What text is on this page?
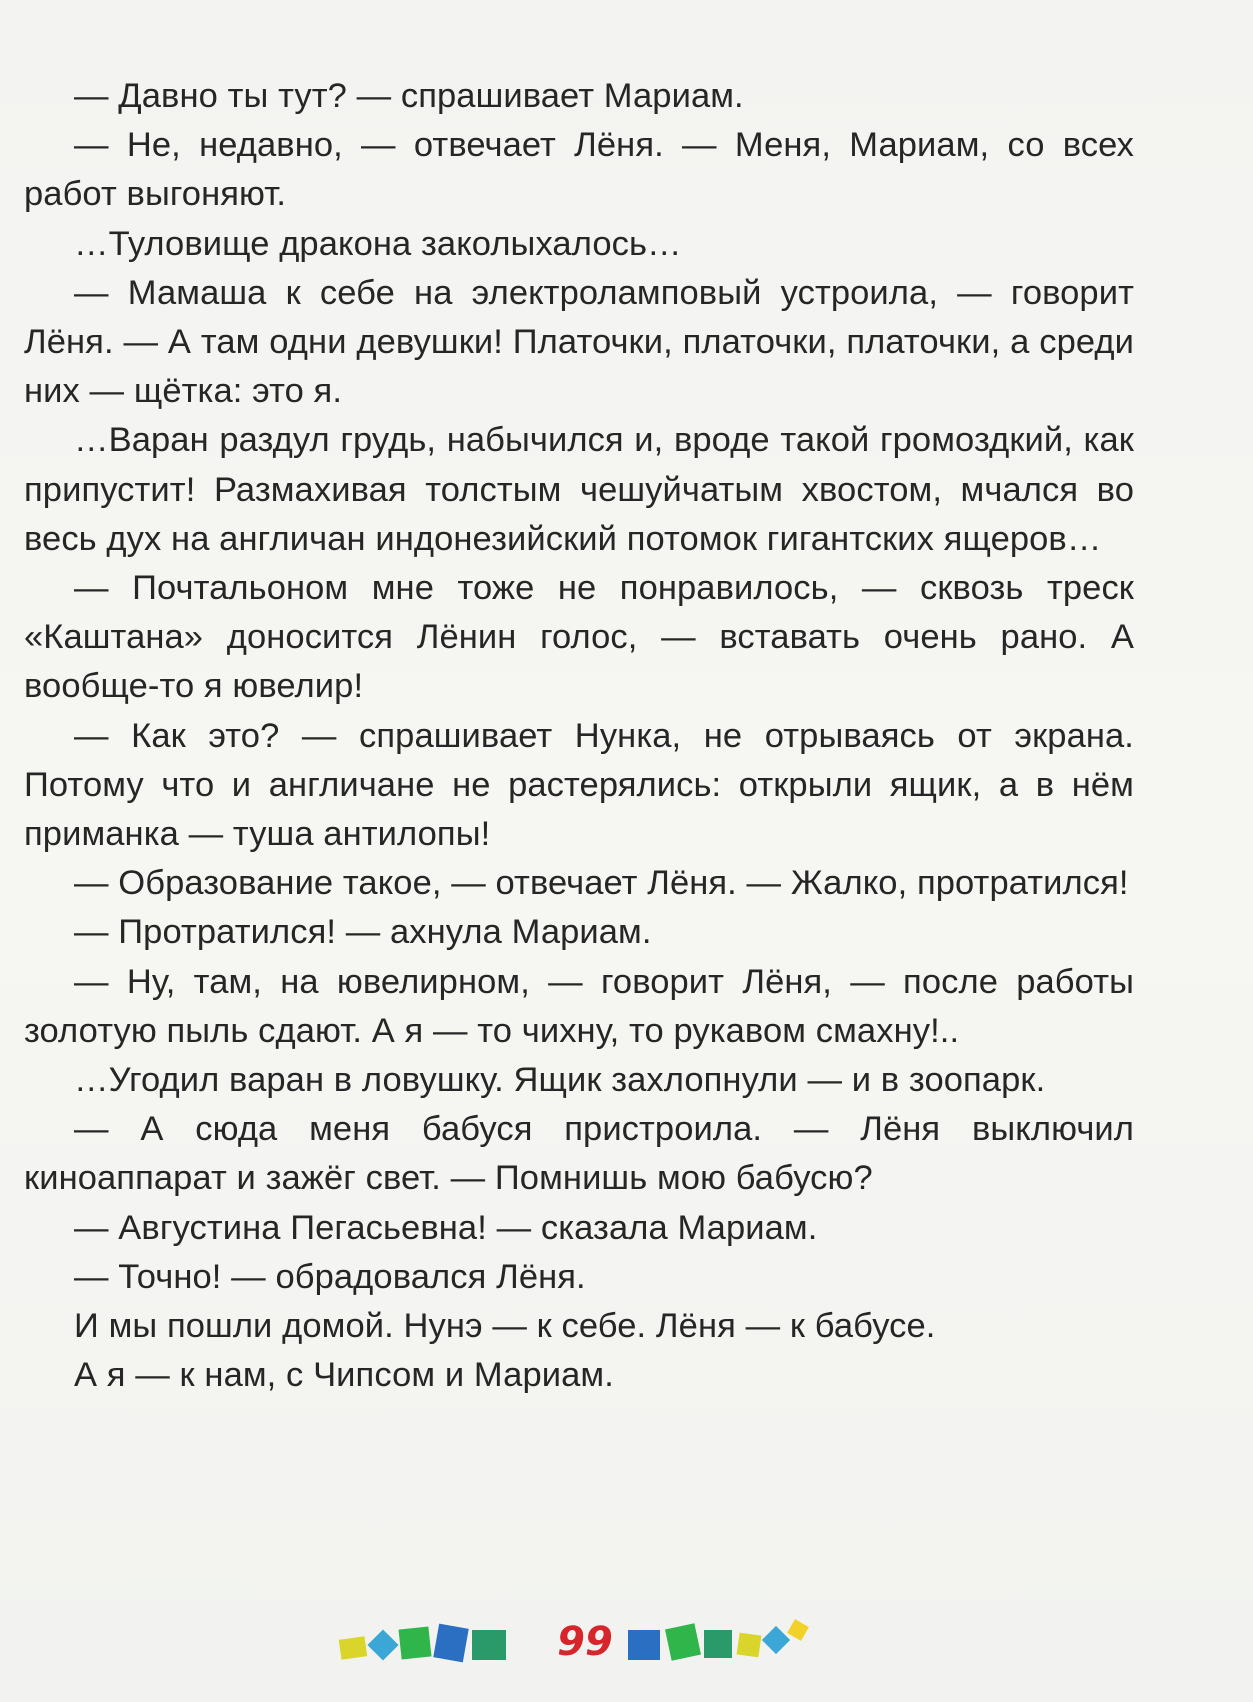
— Давно ты тут? — спрашивает Мариам.

— Не, недавно, — отвечает Лёня. — Меня, Мариам, со всех работ выгоняют.

…Туловище дракона заколыхалось…

— Мамаша к себе на электроламповый устроила, — говорит Лёня. — А там одни девушки! Платочки, платочки, платочки, а среди них — щётка: это я.

…Варан раздул грудь, набычился и, вроде такой громоздкий, как припустит! Размахивая толстым чешуйчатым хвостом, мчался во весь дух на англичан индонезийский потомок гигантских ящеров…

— Почтальоном мне тоже не понравилось, — сквозь треск «Каштана» доносится Лёнин голос, — вставать очень рано. А вообще-то я ювелир!

— Как это? — спрашивает Нунка, не отрываясь от экрана. Потому что и англичане не растерялись: открыли ящик, а в нём приманка — туша антилопы!

— Образование такое, — отвечает Лёня. — Жалко, протратился!

— Протратился! — ахнула Мариам.

— Ну, там, на ювелирном, — говорит Лёня, — после работы золотую пыль сдают. А я — то чихну, то рукавом смахну!..

…Угодил варан в ловушку. Ящик захлопнули — и в зоопарк.

— А сюда меня бабуся пристроила. — Лёня выключил киноаппарат и зажёг свет. — Помнишь мою бабусю?

— Августина Пегасьевна! — сказала Мариам.

— Точно! — обрадовался Лёня.

И мы пошли домой. Нунэ — к себе. Лёня — к бабусе.

А я — к нам, с Чипсом и Мариам.

99
